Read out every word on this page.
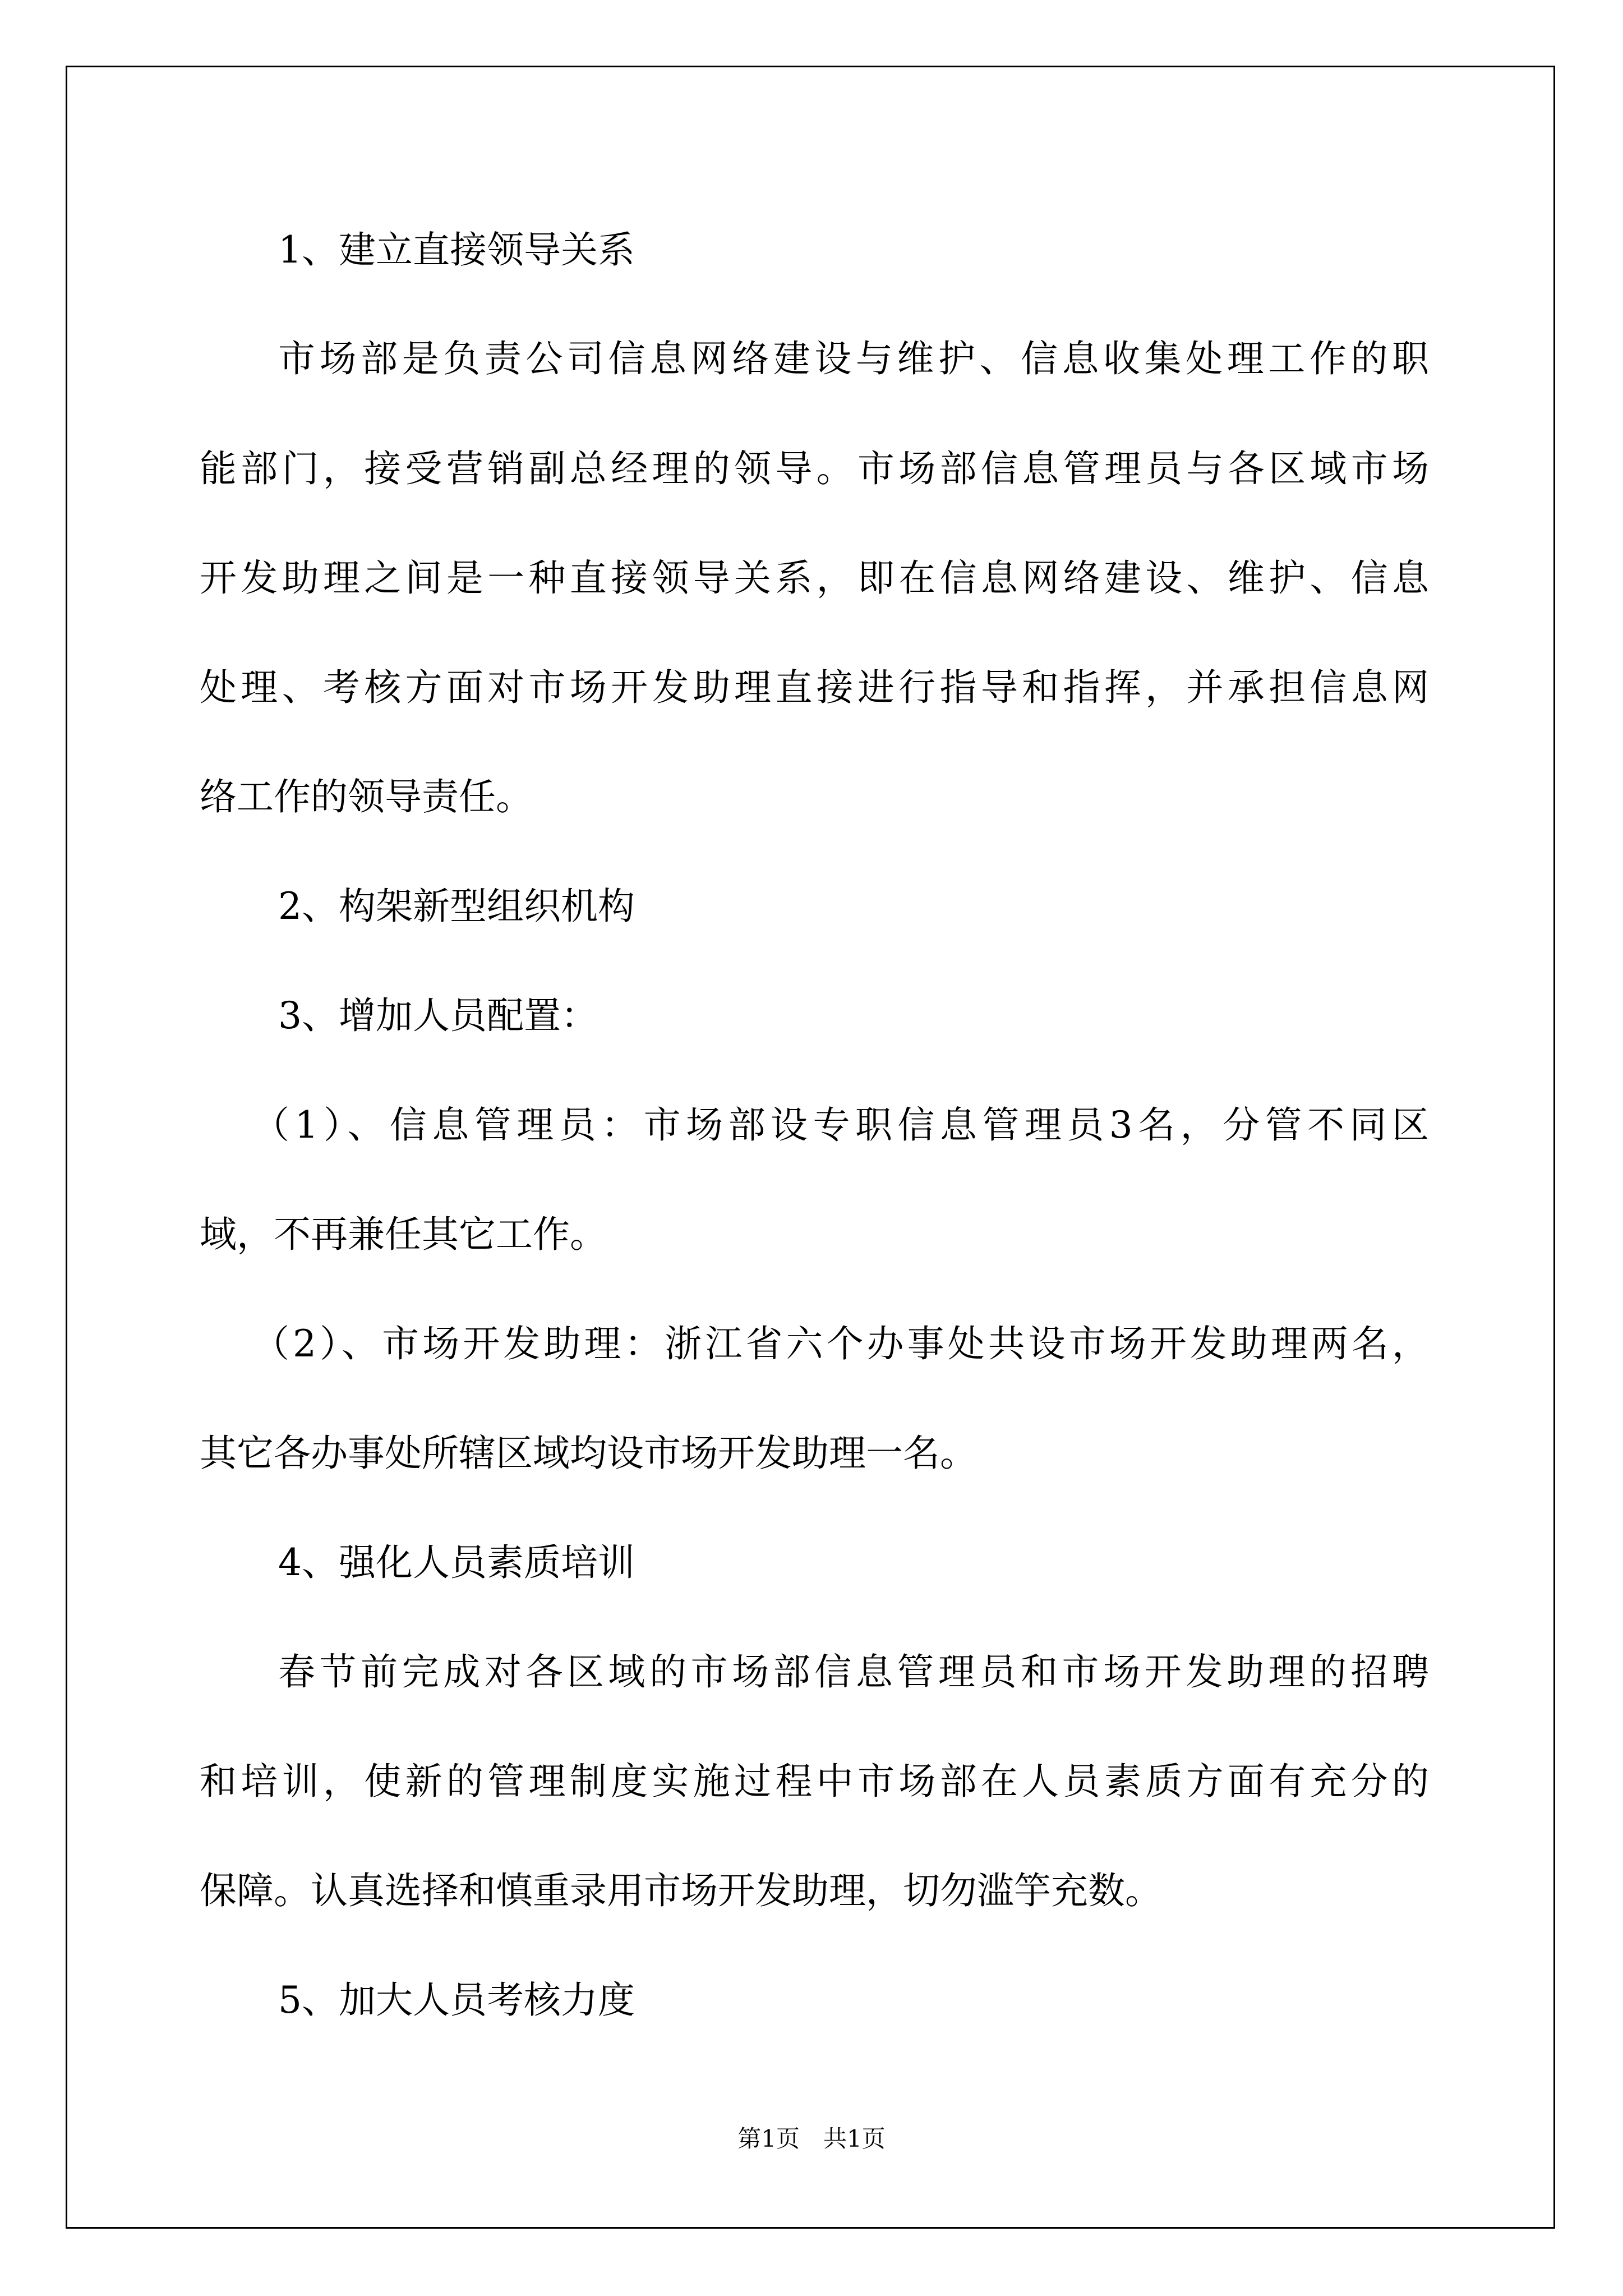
1、建立直接领导关系
市场部是负责公司信息网络建设与维护、信息收集处理工作的职
能部门，接受营销副总经理的领导。市场部信息管理员与各区域市场
开发助理之间是一种直接领导关系，即在信息网络建设、维护、信息
处理、考核方面对市场开发助理直接进行指导和指挥，并承担信息网
络工作的领导责任。
2、构架新型组织机构
3、增加人员配置：
（1）、信息管理员：市场部设专职信息管理员3名，分管不同区
域，不再兼任其它工作。
（2）、市场开发助理：浙江省六个办事处共设市场开发助理两名，
其它各办事处所辖区域均设市场开发助理一名。
4、强化人员素质培训
春节前完成对各区域的市场部信息管理员和市场开发助理的招聘
和培训，使新的管理制度实施过程中市场部在人员素质方面有充分的
保障。认真选择和慎重录用市场开发助理，切勿滥竽充数。
5、加大人员考核力度
第1页　共1页
